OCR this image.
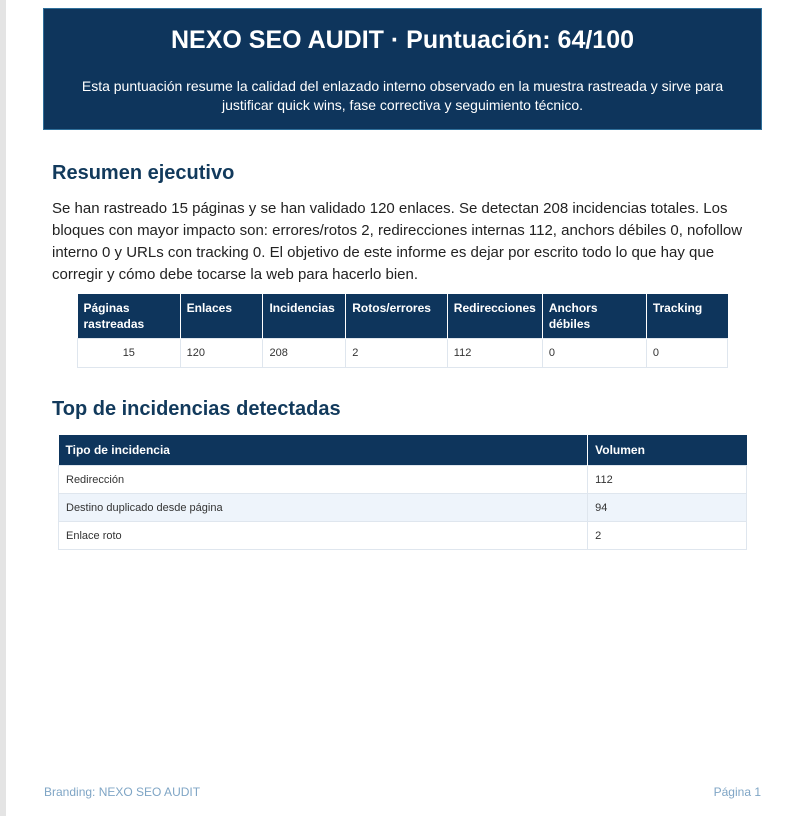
NEXO SEO AUDIT · Puntuación: 64/100

Esta puntuación resume la calidad del enlazado interno observado en la muestra rastreada y sirve para justificar quick wins, fase correctiva y seguimiento técnico.

Resumen ejecutivo

Se han rastreado 15 páginas y se han validado 120 enlaces. Se detectan 208 incidencias totales. Los bloques con mayor impacto son: errores/rotos 2, redirecciones internas 112, anchors débiles 0, nofollow interno 0 y URLs con tracking 0. El objetivo de este informe es dejar por escrito todo lo que hay que corregir y cómo debe tocarse la web para hacerlo bien.

Páginas rastreadas	Enlaces	Incidencias	Rotos/errores	Redirecciones	Anchors débiles	Tracking
15	120	208	2	112	0	0
Top de incidencias detectadas
Tipo de incidencia	Volumen
Redirección	112
Destino duplicado desde página	94
Enlace roto	2
Branding: NEXO SEO AUDIT	Página 1
